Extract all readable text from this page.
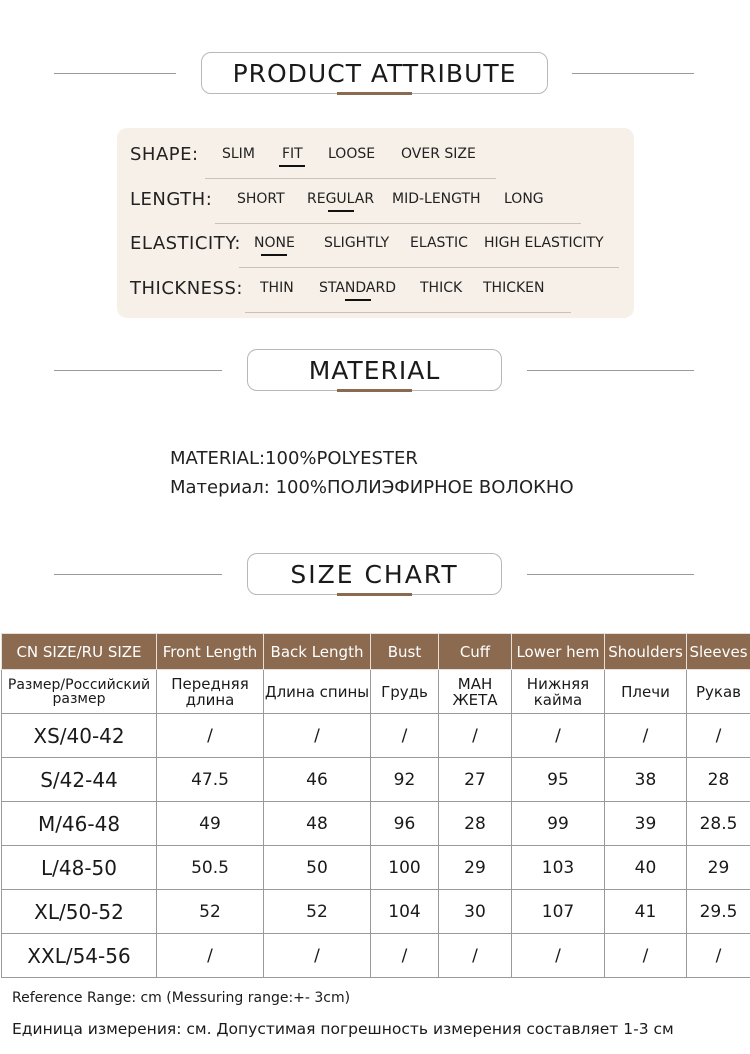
PRODUCT ATTRIBUTE
SHAPE: SLIM FIT LOOSE OVER SIZE
LENGTH: SHORT REGULAR MID-LENGTH LONG
ELASTICITY: NONE SLIGHTLY ELASTIC HIGH ELASTICITY
THICKNESS: THIN STANDARD THICK THICKEN
MATERIAL
MATERIAL:100%POLYESTER
Материал: 100%ПОЛИЭФИРНОЕ ВОЛОКНО
SIZE CHART
CN SIZE/RU SIZE	Front Length	Back Length	Bust	Cuff	Lower hem	Shoulders	Sleeves
Размер/Российский размер	Передняя длина	Длина спины	Грудь	МАН ЖЕТА	Нижняя кайма	Плечи	Рукав
XS/40-42	/	/	/	/	/	/	/
S/42-44	47.5	46	92	27	95	38	28
M/46-48	49	48	96	28	99	39	28.5
L/48-50	50.5	50	100	29	103	40	29
XL/50-52	52	52	104	30	107	41	29.5
XXL/54-56	/	/	/	/	/	/	/
Reference Range: cm (Messuring range:+- 3cm)
Единица измерения: см. Допустимая погрешность измерения составляет 1-3 см
